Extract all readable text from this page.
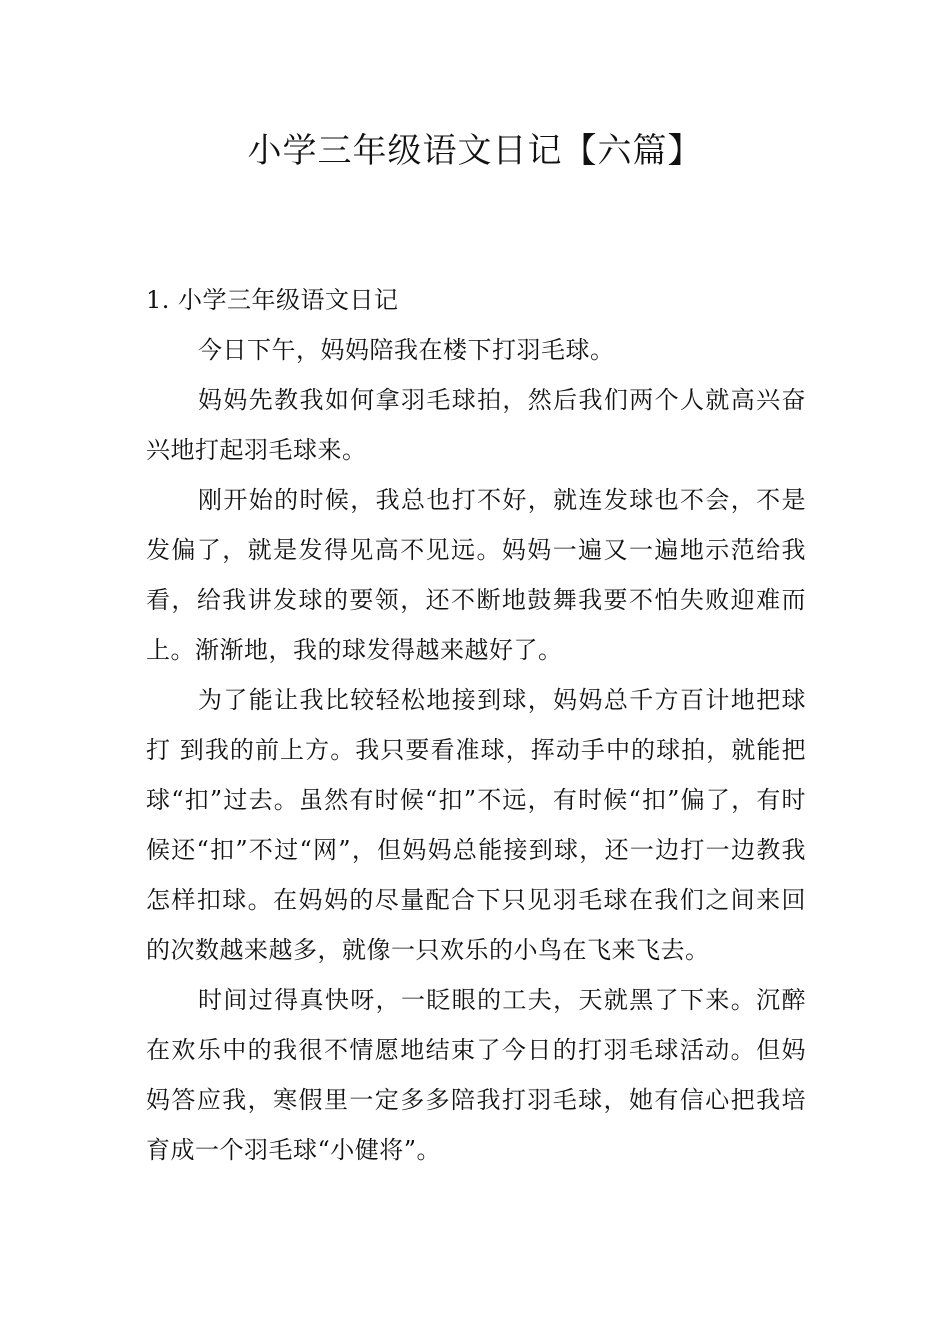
小学三年级语文日记【六篇】
1. 小学三年级语文日记

今日下午，妈妈陪我在楼下打羽毛球。

妈妈先教我如何拿羽毛球拍，然后我们两个人就高兴奋兴地打起羽毛球来。

刚开始的时候，我总也打不好，就连发球也不会，不是发偏了，就是发得见高不见远。妈妈一遍又一遍地示范给我看，给我讲发球的要领，还不断地鼓舞我要不怕失败迎难而上。渐渐地，我的球发得越来越好了。

为了能让我比较轻松地接到球，妈妈总千方百计地把球打 到我的前上方。我只要看准球，挥动手中的球拍，就能把球“扣”过去。虽然有时候“扣”不远，有时候“扣”偏了，有时候还“扣”不过“网”，但妈妈总能接到球，还一边打一边教我怎样扣球。在妈妈的尽量配合下只见羽毛球在我们之间来回的次数越来越多，就像一只欢乐的小鸟在飞来飞去。

时间过得真快呀，一眨眼的工夫，天就黑了下来。沉醉在欢乐中的我很不情愿地结束了今日的打羽毛球活动。但妈妈答应我，寒假里一定多多陪我打羽毛球，她有信心把我培育成一个羽毛球“小健将”。
